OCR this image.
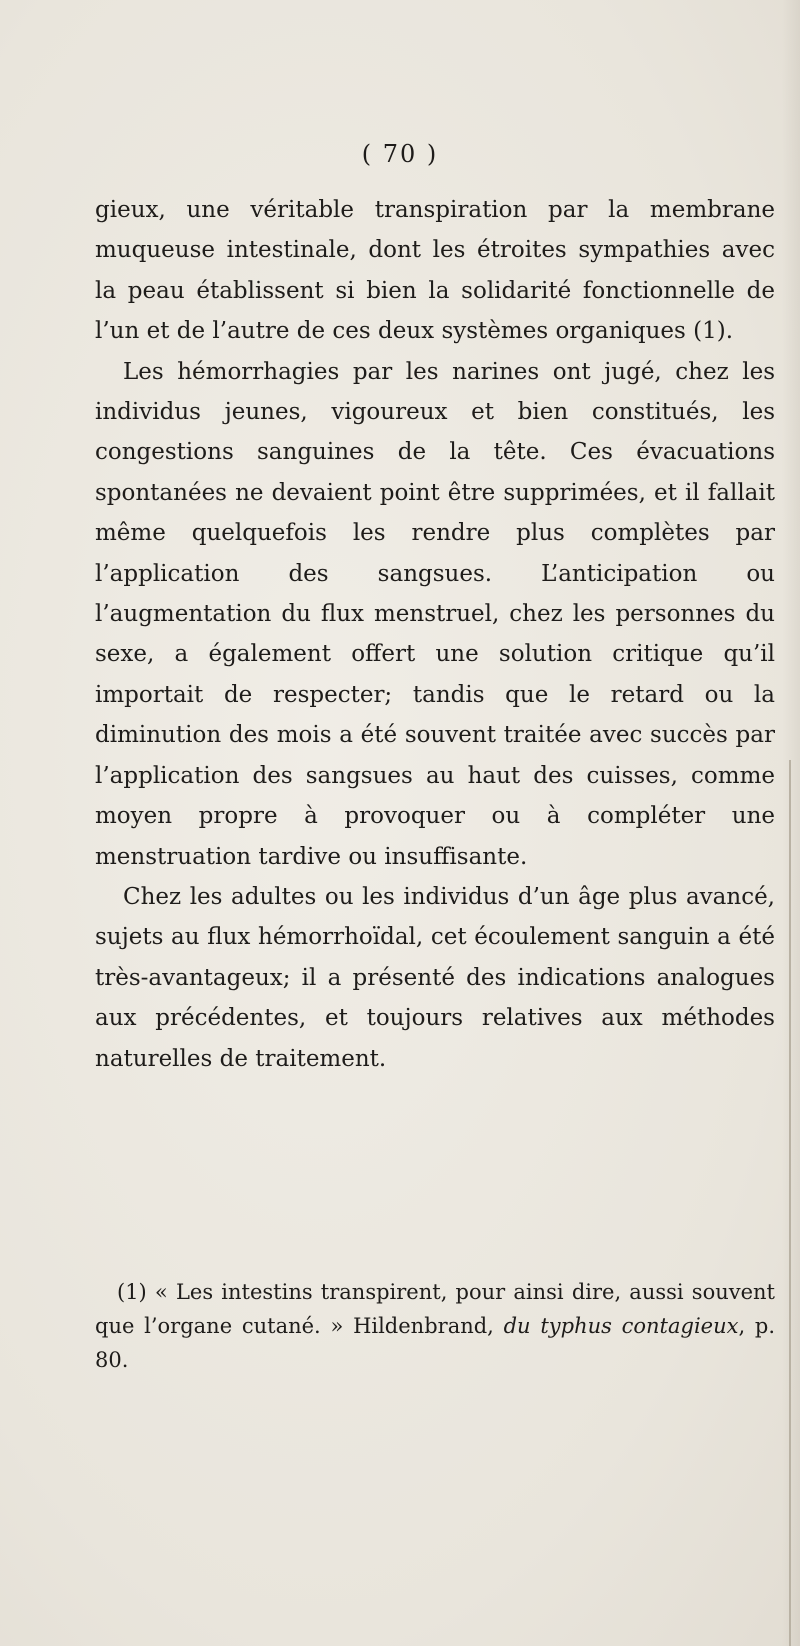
( 70 )

gieux, une véritable transpiration par la membrane muqueuse intestinale, dont les étroites sympathies avec la peau établissent si bien la solidarité fonctionnelle de l’un et de l’autre de ces deux systèmes organiques (1).

Les hémorrhagies par les narines ont jugé, chez les individus jeunes, vigoureux et bien constitués, les congestions sanguines de la tête. Ces évacuations spontanées ne devaient point être supprimées, et il fallait même quelquefois les rendre plus complètes par l’application des sangsues. L’anticipation ou l’augmentation du flux menstruel, chez les personnes du sexe, a également offert une solution critique qu’il importait de respecter; tandis que le retard ou la diminution des mois a été souvent traitée avec succès par l’application des sangsues au haut des cuisses, comme moyen propre à provoquer ou à compléter une menstruation tardive ou insuffisante.

Chez les adultes ou les individus d’un âge plus avancé, sujets au flux hémorrhoïdal, cet écoulement sanguin a été très-avantageux; il a présenté des indications analogues aux précédentes, et toujours relatives aux méthodes naturelles de traitement.

(1) « Les intestins transpirent, pour ainsi dire, aussi souvent que l’organe cutané. » Hildenbrand, du typhus contagieux, p. 80.
